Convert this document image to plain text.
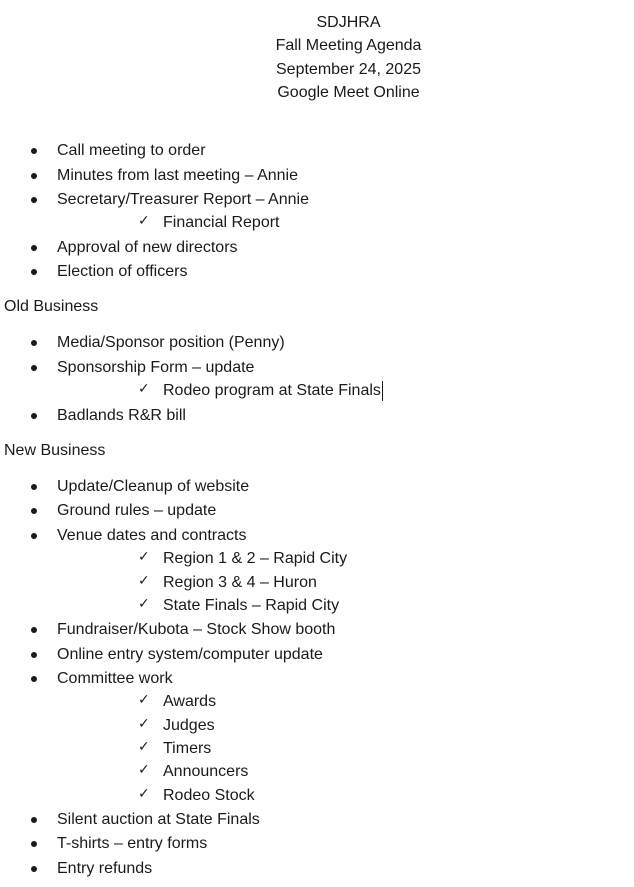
SDJHRA
Fall Meeting Agenda
September 24, 2025
Google Meet Online
Call meeting to order
Minutes from last meeting – Annie
Secretary/Treasurer Report – Annie
✓ Financial Report
Approval of new directors
Election of officers
Old Business
Media/Sponsor position (Penny)
Sponsorship Form – update
✓ Rodeo program at State Finals
Badlands R&R bill
New Business
Update/Cleanup of website
Ground rules – update
Venue dates and contracts
✓ Region 1 & 2 – Rapid City
✓ Region 3 & 4 – Huron
✓ State Finals – Rapid City
Fundraiser/Kubota – Stock Show booth
Online entry system/computer update
Committee work
✓ Awards
✓ Judges
✓ Timers
✓ Announcers
✓ Rodeo Stock
Silent auction at State Finals
T-shirts – entry forms
Entry refunds
